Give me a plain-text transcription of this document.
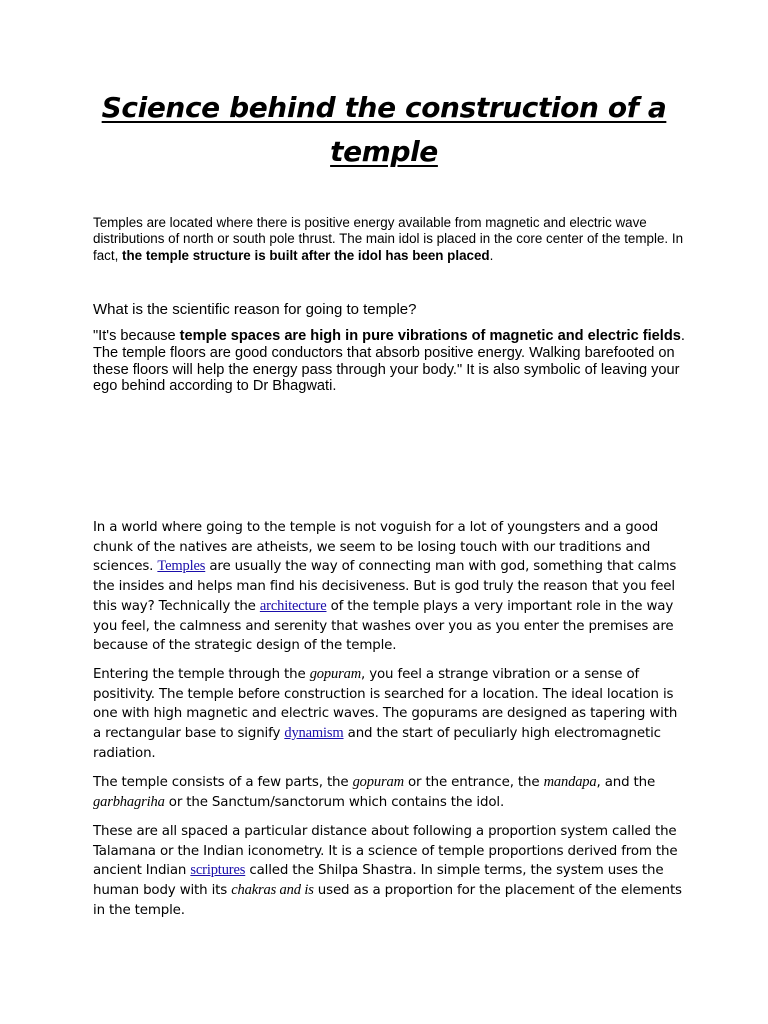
Science behind the construction of a temple

Temples are located where there is positive energy available from magnetic and electric wave distributions of north or south pole thrust. The main idol is placed in the core center of the temple. In fact, the temple structure is built after the idol has been placed.

What is the scientific reason for going to temple?

"It's because temple spaces are high in pure vibrations of magnetic and electric fields. The temple floors are good conductors that absorb positive energy. Walking barefooted on these floors will help the energy pass through your body." It is also symbolic of leaving your ego behind according to Dr Bhagwati.

In a world where going to the temple is not voguish for a lot of youngsters and a good chunk of the natives are atheists, we seem to be losing touch with our traditions and sciences. Temples are usually the way of connecting man with god, something that calms the insides and helps man find his decisiveness. But is god truly the reason that you feel this way? Technically the architecture of the temple plays a very important role in the way you feel, the calmness and serenity that washes over you as you enter the premises are because of the strategic design of the temple.

Entering the temple through the gopuram, you feel a strange vibration or a sense of positivity. The temple before construction is searched for a location. The ideal location is one with high magnetic and electric waves. The gopurams are designed as tapering with a rectangular base to signify dynamism and the start of peculiarly high electromagnetic radiation.

The temple consists of a few parts, the gopuram or the entrance, the mandapa, and the garbhagriha or the Sanctum/sanctorum which contains the idol.

These are all spaced a particular distance about following a proportion system called the Talamana or the Indian iconometry. It is a science of temple proportions derived from the ancient Indian scriptures called the Shilpa Shastra. In simple terms, the system uses the human body with its chakras and is used as a proportion for the placement of the elements in the temple.
